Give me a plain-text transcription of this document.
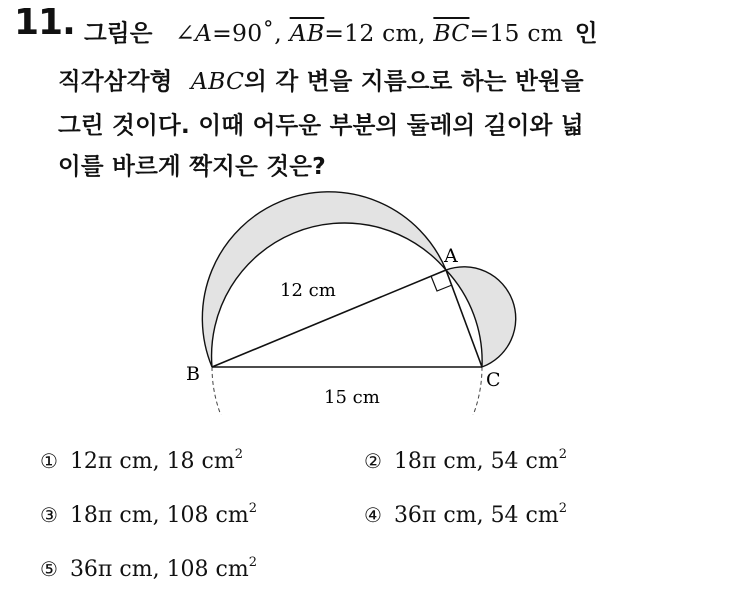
11. 그림은 ∠A=90˚, $\overline{AB}=12$ cm, $\overline{BC}=15$ cm 인
직각삼각형 ABC의 각 변을 지름으로 하는 반원을
그린 것이다. 이때 어두운 부분의 둘레의 길이와 넓
이를 바르게 짝지은 것은?
A
B	C
12 cm
15 cm
① 12π cm, 18 $cm^2$	② 18π cm, 54 $cm^2$
③ 18π cm, 108 $cm^2$	④ 36π cm, 54 $cm^2$
⑤ 36π cm, 108 $cm^2$
